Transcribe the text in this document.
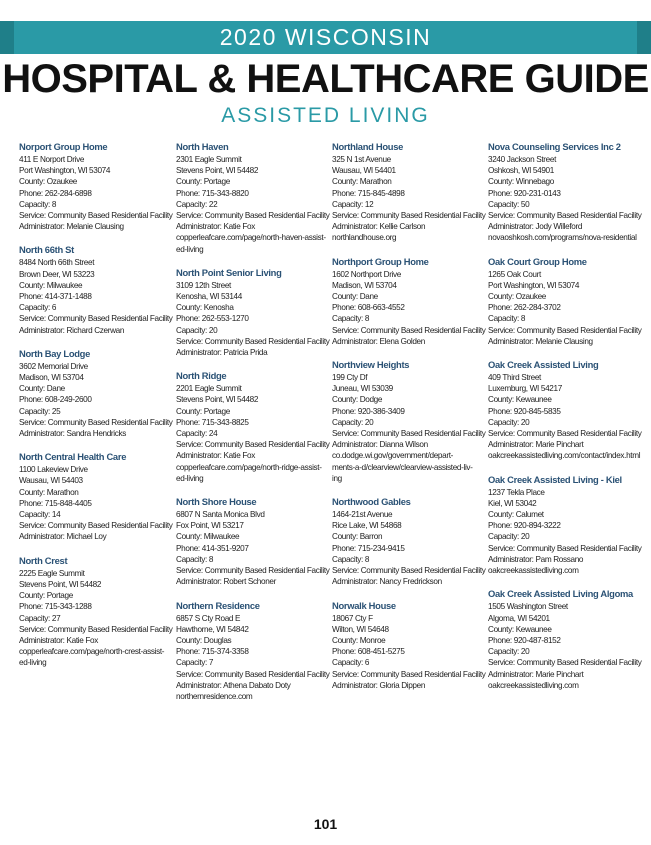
2020 WISCONSIN
HOSPITAL & HEALTHCARE GUIDE
ASSISTED LIVING
Norport Group Home
411 E Norport Drive
Port Washington, WI 53074
County: Ozaukee
Phone: 262-284-6898
Capacity: 8
Service: Community Based Residential Facility
Administrator: Melanie Clausing
North 66th St
8484 North 66th Street
Brown Deer, WI 53223
County: Milwaukee
Phone: 414-371-1488
Capacity: 6
Service: Community Based Residential Facility
Administrator: Richard Czerwan
North Bay Lodge
3602 Memorial Drive
Madison, WI 53704
County: Dane
Phone: 608-249-2600
Capacity: 25
Service: Community Based Residential Facility
Administrator: Sandra Hendricks
North Central Health Care
1100 Lakeview Drive
Wausau, WI 54403
County: Marathon
Phone: 715-848-4405
Capacity: 14
Service: Community Based Residential Facility
Administrator: Michael Loy
North Crest
2225 Eagle Summit
Stevens Point, WI 54482
County: Portage
Phone: 715-343-1288
Capacity: 27
Service: Community Based Residential Facility
Administrator: Katie Fox
copperleafcare.com/page/north-crest-assist-
ed-living
North Haven
2301 Eagle Summit
Stevens Point, WI 54482
County: Portage
Phone: 715-343-8820
Capacity: 22
Service: Community Based Residential Facility
Administrator: Katie Fox
copperleafcare.com/page/north-haven-assist-
ed-living
North Point Senior Living
3109 12th Street
Kenosha, WI 53144
County: Kenosha
Phone: 262-553-1270
Capacity: 20
Service: Community Based Residential Facility
Administrator: Patricia Prida
North Ridge
2201 Eagle Summit
Stevens Point, WI 54482
County: Portage
Phone: 715-343-8825
Capacity: 24
Service: Community Based Residential Facility
Administrator: Katie Fox
copperleafcare.com/page/north-ridge-assist-
ed-living
North Shore House
6807 N Santa Monica Blvd
Fox Point, WI 53217
County: Milwaukee
Phone: 414-351-9207
Capacity: 8
Service: Community Based Residential Facility
Administrator: Robert Schoner
Northern Residence
6857 S Cty Road E
Hawthorne, WI 54842
County: Douglas
Phone: 715-374-3358
Capacity: 7
Service: Community Based Residential Facility
Administrator: Athena Dabato Doty
northernresidence.com
Northland House
325 N 1st Avenue
Wausau, WI 54401
County: Marathon
Phone: 715-845-4898
Capacity: 12
Service: Community Based Residential Facility
Administrator: Kellie Carlson
northlandhouse.org
Northport Group Home
1602 Northport Drive
Madison, WI 53704
County: Dane
Phone: 608-663-4552
Capacity: 8
Service: Community Based Residential Facility
Administrator: Elena Golden
Northview Heights
199 Cty Df
Juneau, WI 53039
County: Dodge
Phone: 920-386-3409
Capacity: 20
Service: Community Based Residential Facility
Administrator: Dianna Wilson
co.dodge.wi.gov/government/depart-
ments-a-d/clearview/clearview-assisted-liv-
ing
Northwood Gables
1464-21st Avenue
Rice Lake, WI 54868
County: Barron
Phone: 715-234-9415
Capacity: 8
Service: Community Based Residential Facility
Administrator: Nancy Fredrickson
Norwalk House
18067 Cty F
Wilton, WI 54648
County: Monroe
Phone: 608-451-5275
Capacity: 6
Service: Community Based Residential Facility
Administrator: Gloria Dippen
Nova Counseling Services Inc 2
3240 Jackson Street
Oshkosh, WI 54901
County: Winnebago
Phone: 920-231-0143
Capacity: 50
Service: Community Based Residential Facility
Administrator: Jody Willeford
novaoshkosh.com/programs/nova-residential
Oak Court Group Home
1265 Oak Court
Port Washington, WI 53074
County: Ozaukee
Phone: 262-284-3702
Capacity: 8
Service: Community Based Residential Facility
Administrator: Melanie Clausing
Oak Creek Assisted Living
409 Third Street
Luxemburg, WI 54217
County: Kewaunee
Phone: 920-845-5835
Capacity: 20
Service: Community Based Residential Facility
Administrator: Marie Pinchart
oakcreekassistedliving.com/contact/index.html
Oak Creek Assisted Living - Kiel
1237 Tekla Place
Kiel, WI 53042
County: Calumet
Phone: 920-894-3222
Capacity: 20
Service: Community Based Residential Facility
Administrator: Pam Rossano
oakcreekassistedliving.com
Oak Creek Assisted Living Algoma
1505 Washington Street
Algoma, WI 54201
County: Kewaunee
Phone: 920-487-8152
Capacity: 20
Service: Community Based Residential Facility
Administrator: Marie Pinchart
oakcreekassistedliving.com
101
